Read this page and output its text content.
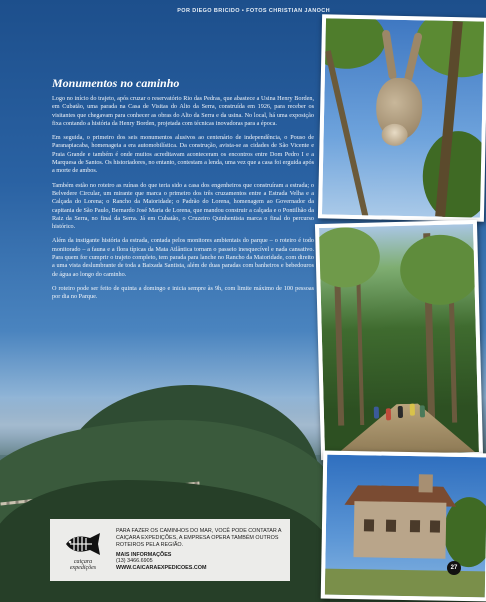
POR DIEGO BRICIDO • FOTOS CHRISTIAN JANOCH
Monumentos no caminho

Logo no início do trajeto, após cruzar o reservatório Rio das Pedras, que abastece a Usina Henry Borden, em Cubatão, uma parada na Casa de Visitas do Alto da Serra, construída em 1926, para receber os visitantes que chegavam para conhecer as obras do Alto da Serra e da usina. No local, há uma exposição fixa contando a história da Henry Borden, projetada com técnicas inovadoras para a época.

Em seguida, o primeiro dos seis monumentos alusivos ao centenário de independência, o Pouso de Paranapiacaba, homenageia a era automobilística. Da construção, avista-se as cidades de São Vicente e Praia Grande e também é onde muitos acreditavam aconteceram os encontros entre Dom Pedro I e a Marquesa de Santos. Os historiadores, no entanto, contestam a lenda, uma vez que a casa foi erguida após a morte de ambos.

Também estão no roteiro as ruínas do que teria sido a casa dos engenheiros que construíram a estrada; o Belvedere Circular, um mirante que marca o primeiro dos três cruzamentos entre a Estrada Velha e a Calçada do Lorena; o Rancho da Maioridade; o Padrão do Lorena, homenagem ao Governador da capitania de São Paulo, Bernardo José Maria de Lorena, que mandou construir a calçada e o Pontilhão da Raiz da Serra, no final da Serra. Já em Cubatão, o Cruzeiro Quinhentista marca o final do percurso histórico.

Além da instigante história da estrada, contada pelos monitores ambientais do parque – o roteiro é todo monitorado – a fauna e a flora típicas da Mata Atlântica tornam o passeio inesquecível e nada cansativo. Para quem for cumprir o trajeto completo, tem parada para lanche no Rancho da Maioridade, com direito a uma vista deslumbrante de toda a Baixada Santista, além de duas paradas com banheiros e bebedouros de água ao longo do caminho.

O roteiro pode ser feito de quinta a domingo e inicia sempre às 9h, com limite máximo de 100 pessoas por dia no Parque.

caiçara
expedições
PARA FAZER OS CAMINHOS DO MAR, VOCÊ PODE CONTATAR A CAIÇARA EXPEDIÇÕES, A EMPRESA OPERA TAMBÉM OUTROS ROTEIROS PELA REGIÃO.
MAIS INFORMAÇÕES
(13) 3466.6905
WWW.CAICARAEXPEDICOES.COM	27
